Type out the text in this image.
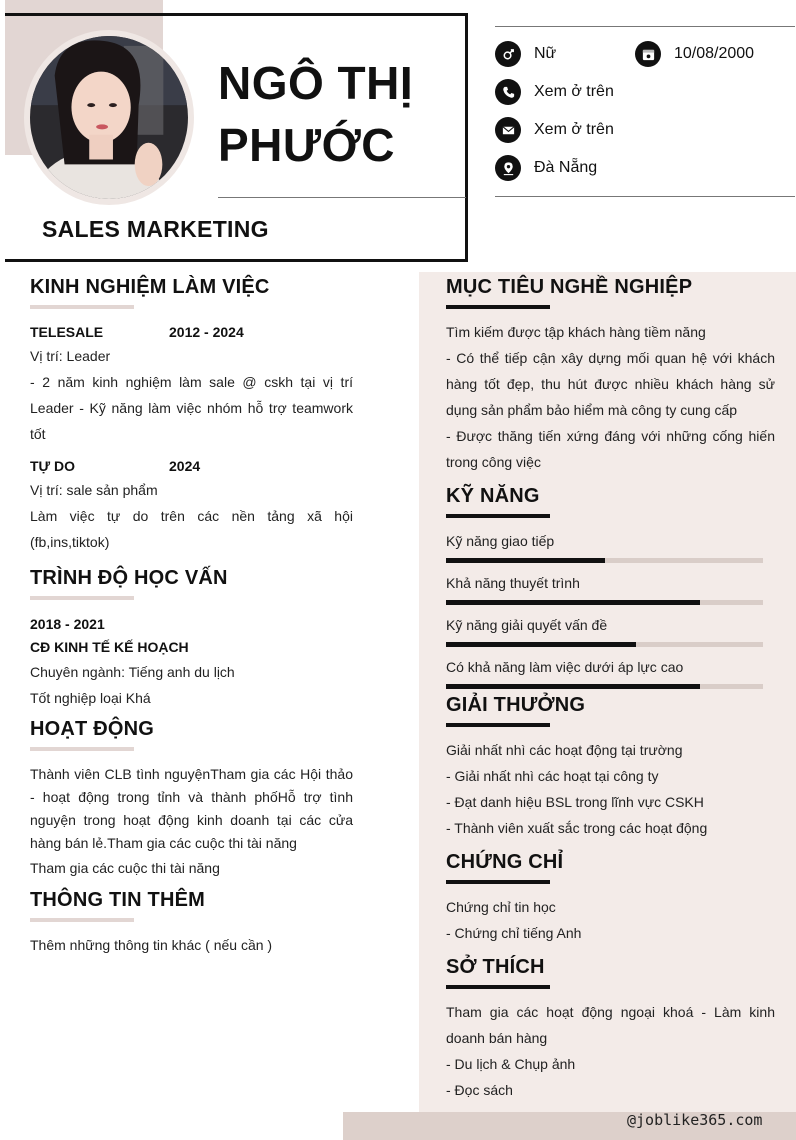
NGÔ THỊ PHƯỚC
SALES MARKETING
Nữ	10/08/2000
Xem ở trên
Xem ở trên
Đà Nẵng
@joblike365.com
KINH NGHIỆM LÀM VIỆC
TELESALE	2012 - 2024
Vị trí: Leader
- 2 năm kinh nghiệm làm sale @ cskh tại vị trí Leader - Kỹ năng làm việc nhóm hỗ trợ teamwork tốt
TỰ DO	2024
Vị trí: sale sản phẩm
Làm việc tự do trên các nền tảng xã hội (fb,ins,tiktok)
TRÌNH ĐỘ HỌC VẤN
2018 - 2021
CĐ KINH TẾ KẾ HOẠCH
Chuyên ngành: Tiếng anh du lịch
Tốt nghiệp loại Khá
HOẠT ĐỘNG
Thành viên CLB tình nguyệnTham gia các Hội thảo - hoạt động trong tỉnh và thành phốHỗ trợ tình nguyện trong hoạt động kinh doanh tại các cửa hàng bán lẻ.Tham gia các cuộc thi tài năng
Tham gia các cuộc thi tài năng
THÔNG TIN THÊM
Thêm những thông tin khác ( nếu cần )
MỤC TIÊU NGHỀ NGHIỆP
Tìm kiếm được tập khách hàng tiềm năng
- Có thể tiếp cận xây dựng mối quan hệ với khách hàng tốt đẹp, thu hút được nhiều khách hàng sử dụng sản phẩm bảo hiểm mà công ty cung cấp
- Được thăng tiến xứng đáng với những cống hiến trong công việc
KỸ NĂNG
Kỹ năng giao tiếp
Khả năng thuyết trình
Kỹ năng giải quyết vấn đề
Có khả năng làm việc dưới áp lực cao
GIẢI THƯỞNG
Giải nhất nhì các hoạt động tại trường
- Giải nhất nhì các hoạt tại công ty
- Đạt danh hiệu BSL trong lĩnh vực CSKH
- Thành viên xuất sắc trong các hoạt động
CHỨNG CHỈ
Chứng chỉ tin học
- Chứng chỉ tiếng Anh
SỞ THÍCH
Tham gia các hoạt động ngoại khoá - Làm kinh doanh bán hàng
- Du lịch & Chụp ảnh
- Đọc sách
